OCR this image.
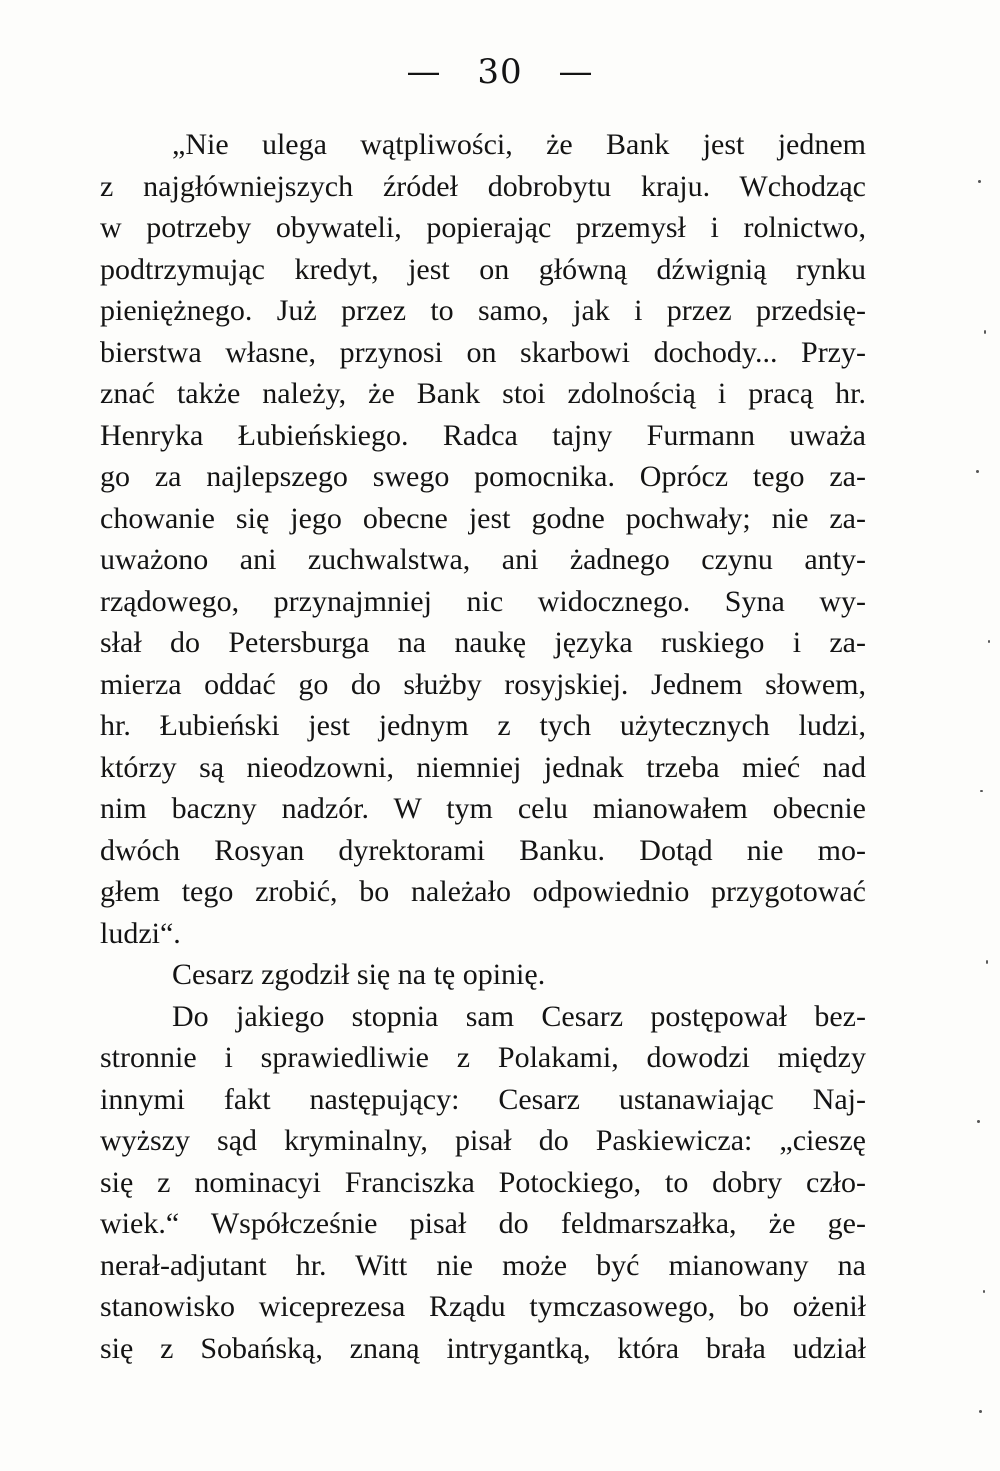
— 30 —
„Nie ulega wątpliwości, że Bank jest jednem
z najgłówniejszych źródeł dobrobytu kraju. Wchodząc
w potrzeby obywateli, popierając przemysł i rolnictwo,
podtrzymując kredyt, jest on główną dźwignią rynku
pieniężnego. Już przez to samo, jak i przez przedsię-
bierstwa własne, przynosi on skarbowi dochody... Przy-
znać także należy, że Bank stoi zdolnością i pracą hr.
Henryka Łubieńskiego. Radca tajny Furmann uważa
go za najlepszego swego pomocnika. Oprócz tego za-
chowanie się jego obecne jest godne pochwały; nie za-
uważono ani zuchwalstwa, ani żadnego czynu anty-
rządowego, przynajmniej nic widocznego. Syna wy-
słał do Petersburga na naukę języka ruskiego i za-
mierza oddać go do służby rosyjskiej. Jednem słowem,
hr. Łubieński jest jednym z tych użytecznych ludzi,
którzy są nieodzowni, niemniej jednak trzeba mieć nad
nim baczny nadzór. W tym celu mianowałem obecnie
dwóch Rosyan dyrektorami Banku. Dotąd nie mo-
głem tego zrobić, bo należało odpowiednio przygotować
ludzi“.
Cesarz zgodził się na tę opinię.
Do jakiego stopnia sam Cesarz postępował bez-
stronnie i sprawiedliwie z Polakami, dowodzi między
innymi fakt następujący: Cesarz ustanawiając Naj-
wyższy sąd kryminalny, pisał do Paskiewicza: „cieszę
się z nominacyi Franciszka Potockiego, to dobry czło-
wiek.“ Współcześnie pisał do feldmarszałka, że ge-
nerał-adjutant hr. Witt nie może być mianowany na
stanowisko wiceprezesa Rządu tymczasowego, bo ożenił
się z Sobańską, znaną intrygantką, która brała udział
